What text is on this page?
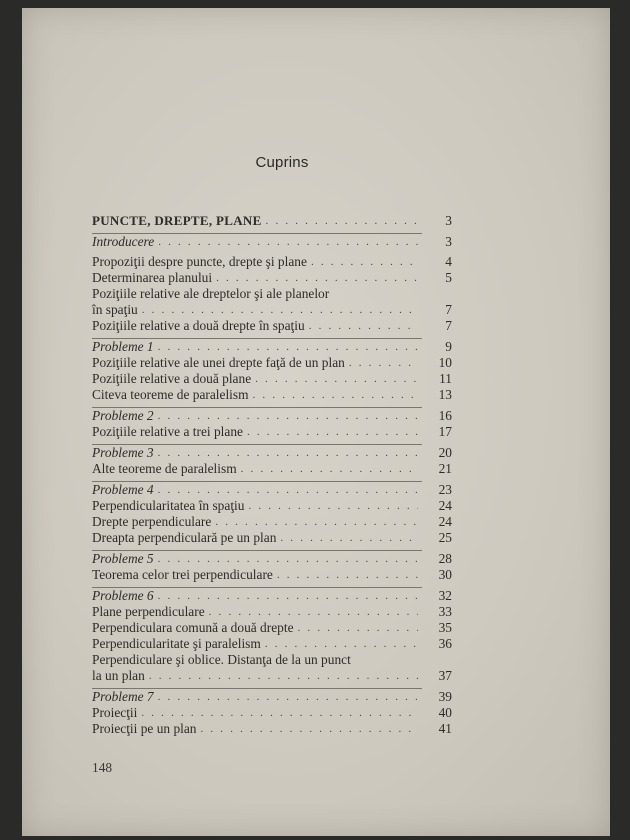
Cuprins
PUNCTE, DREPTE, PLANE . . .	3
Introducere . . .	3
Propoziţii despre puncte, drepte şi plane . . .	4
Determinarea planului . . .	5
Poziţiile relative ale dreptelor şi ale planelor
în spaţiu . . .	7
Poziţiile relative a două drepte în spaţiu . . .	7
Probleme 1 . . .	9
Poziţiile relative ale unei drepte faţă de un plan . . .	10
Poziţiile relative a două plane . . .	11
Citeva teoreme de paralelism . . .	13
Probleme 2 . . .	16
Poziţiile relative a trei plane . . .	17
Probleme 3 . . .	20
Alte teoreme de paralelism . . .	21
Probleme 4 . . .	23
Perpendicularitatea în spaţiu . . .	24
Drepte perpendiculare . . .	24
Dreapta perpendiculară pe un plan . . .	25
Probleme 5 . . .	28
Teorema celor trei perpendiculare . . .	30
Probleme 6 . . .	32
Plane perpendiculare . . .	33
Perpendiculara comună a două drepte . . .	35
Perpendicularitate şi paralelism . . .	36
Perpendiculare şi oblice. Distanţa de la un punct
la un plan . . .	37
Probleme 7 . . .	39
Proiecţii . . .	40
Proiecţii pe un plan . . .	41
148
